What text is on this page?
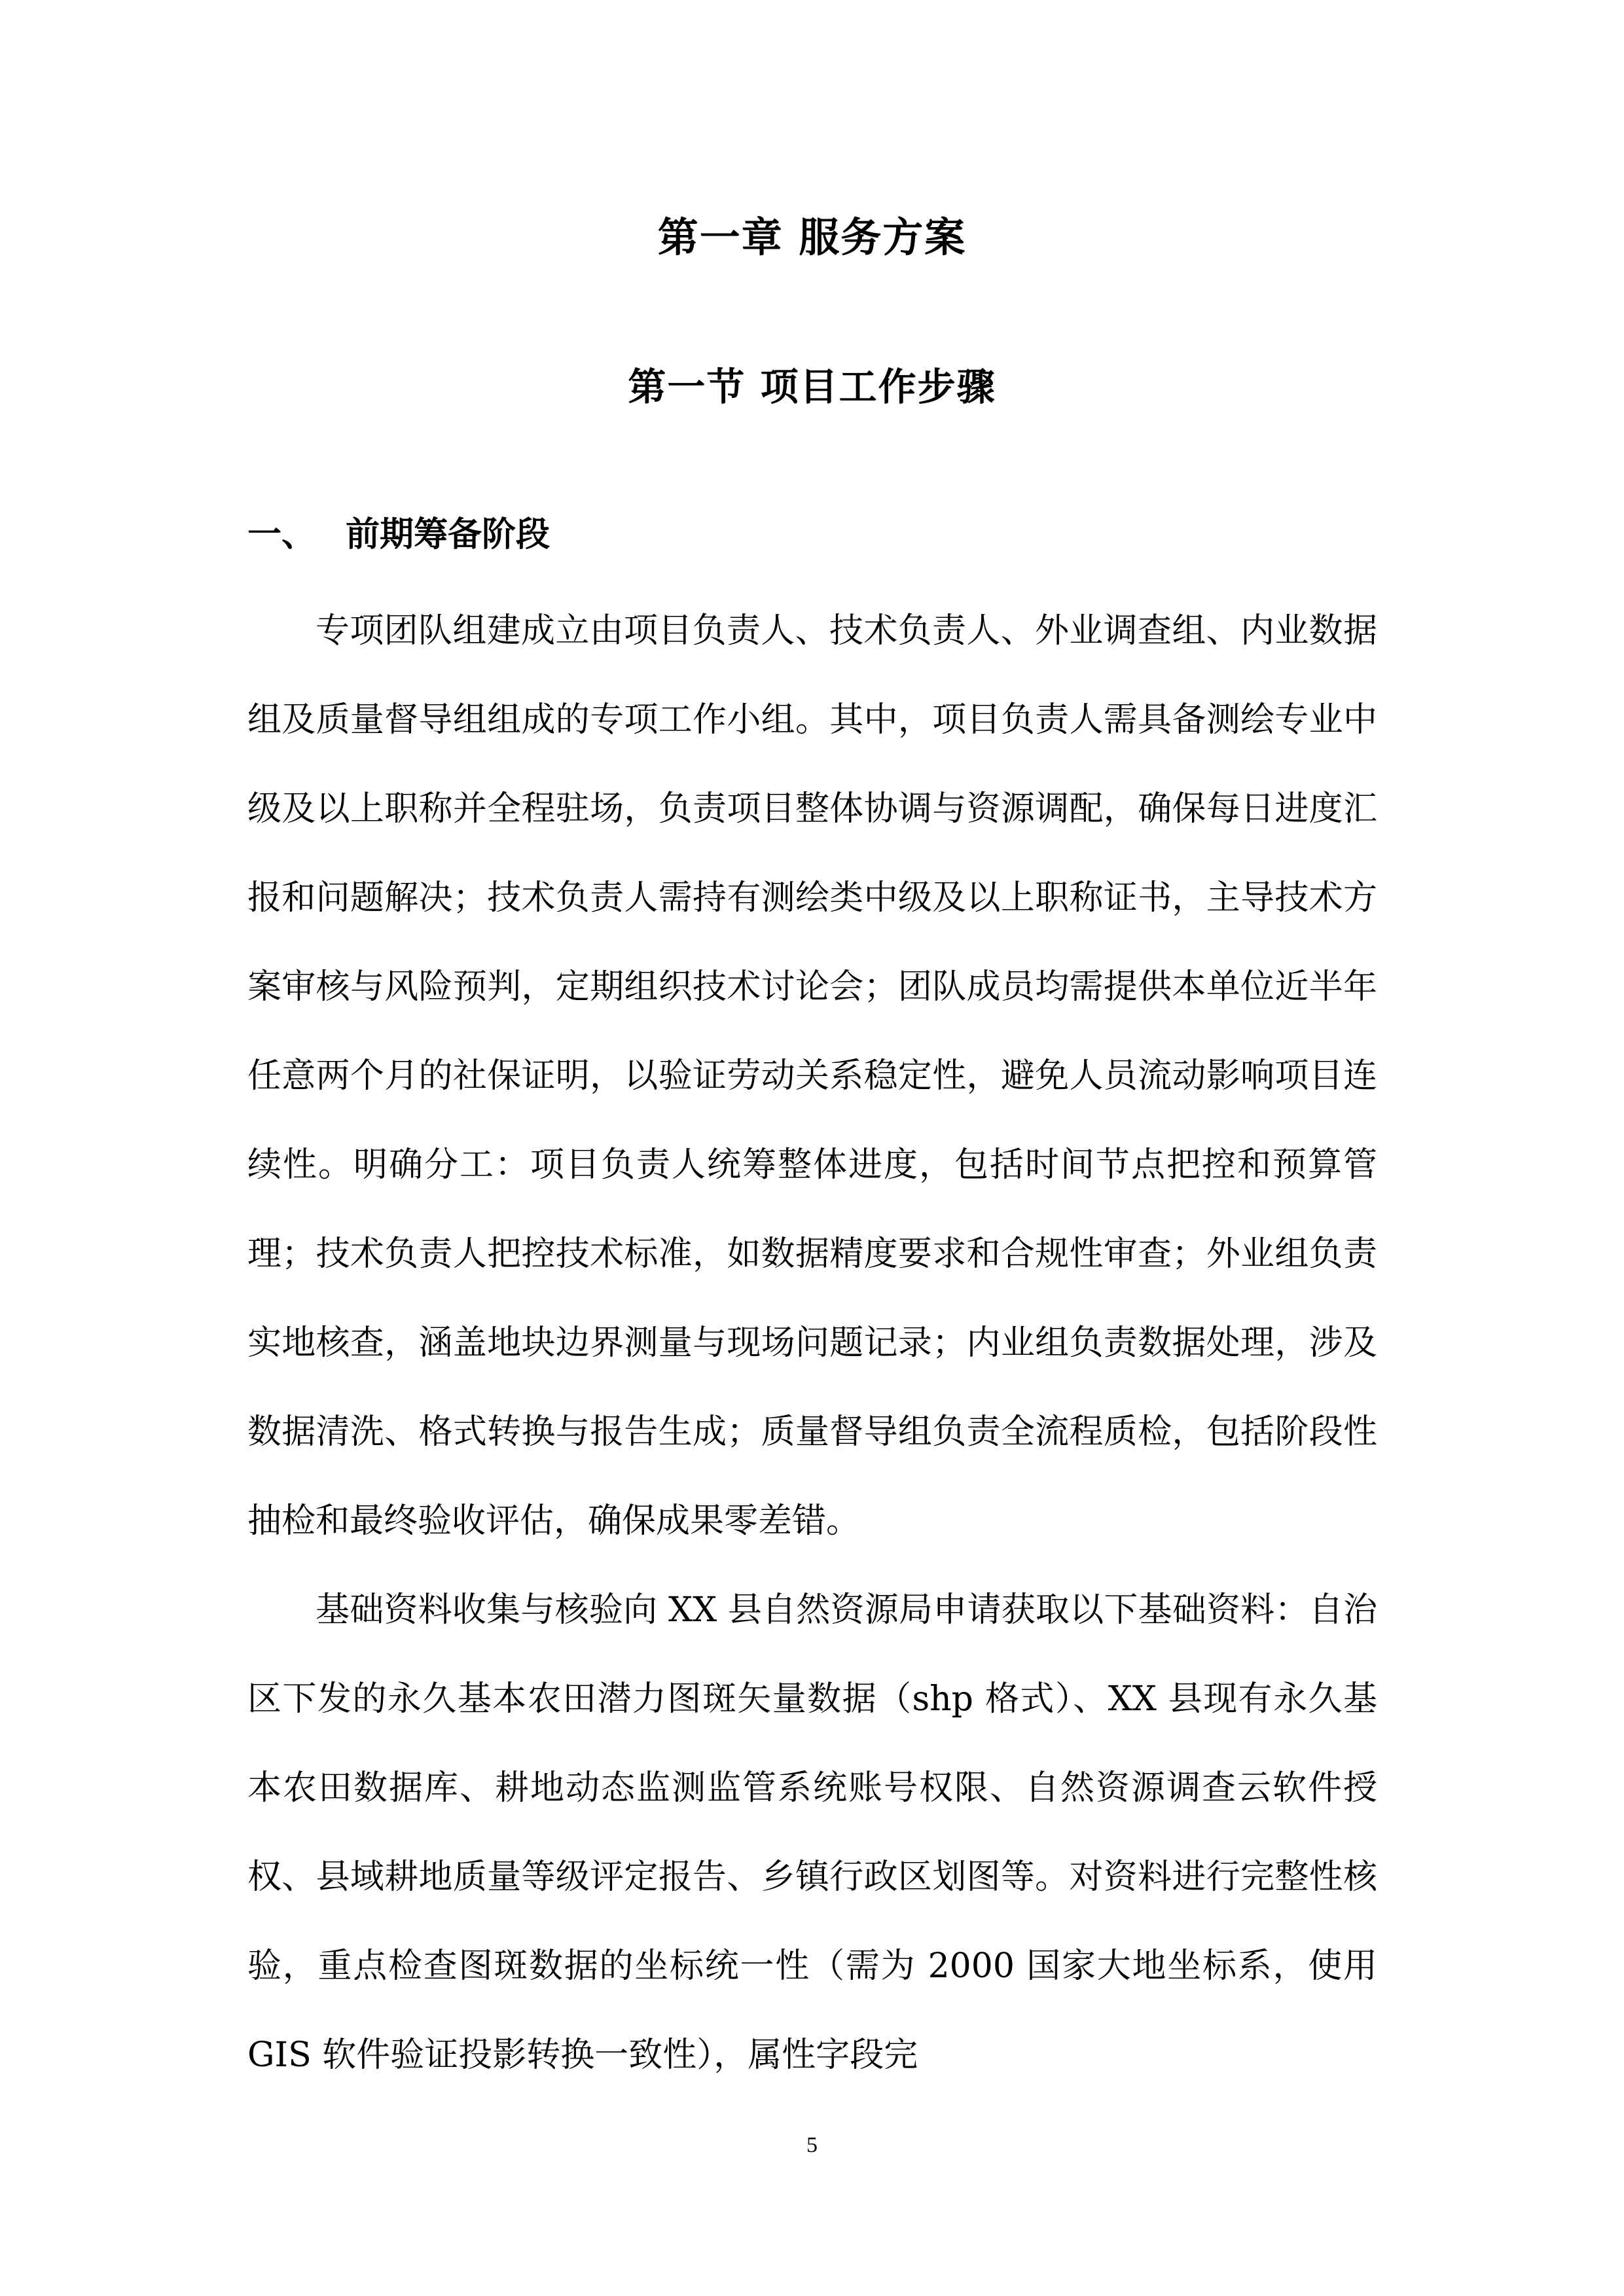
第一章 服务方案
第一节 项目工作步骤
一、 前期筹备阶段

专项团队组建成立由项目负责人、技术负责人、外业调查组、内业数据组及质量督导组组成的专项工作小组。其中，项目负责人需具备测绘专业中级及以上职称并全程驻场，负责项目整体协调与资源调配，确保每日进度汇报和问题解决；技术负责人需持有测绘类中级及以上职称证书，主导技术方案审核与风险预判，定期组织技术讨论会；团队成员均需提供本单位近半年任意两个月的社保证明，以验证劳动关系稳定性，避免人员流动影响项目连续性。明确分工：项目负责人统筹整体进度，包括时间节点把控和预算管理；技术负责人把控技术标准，如数据精度要求和合规性审查；外业组负责实地核查，涵盖地块边界测量与现场问题记录；内业组负责数据处理，涉及数据清洗、格式转换与报告生成；质量督导组负责全流程质检，包括阶段性抽检和最终验收评估，确保成果零差错。

基础资料收集与核验向 XX 县自然资源局申请获取以下基础资料：自治区下发的永久基本农田潜力图斑矢量数据（shp 格式）、XX 县现有永久基本农田数据库、耕地动态监测监管系统账号权限、自然资源调查云软件授权、县域耕地质量等级评定报告、乡镇行政区划图等。对资料进行完整性核验，重点检查图斑数据的坐标统一性（需为 2000 国家大地坐标系，使用 GIS 软件验证投影转换一致性），属性字段完

5
